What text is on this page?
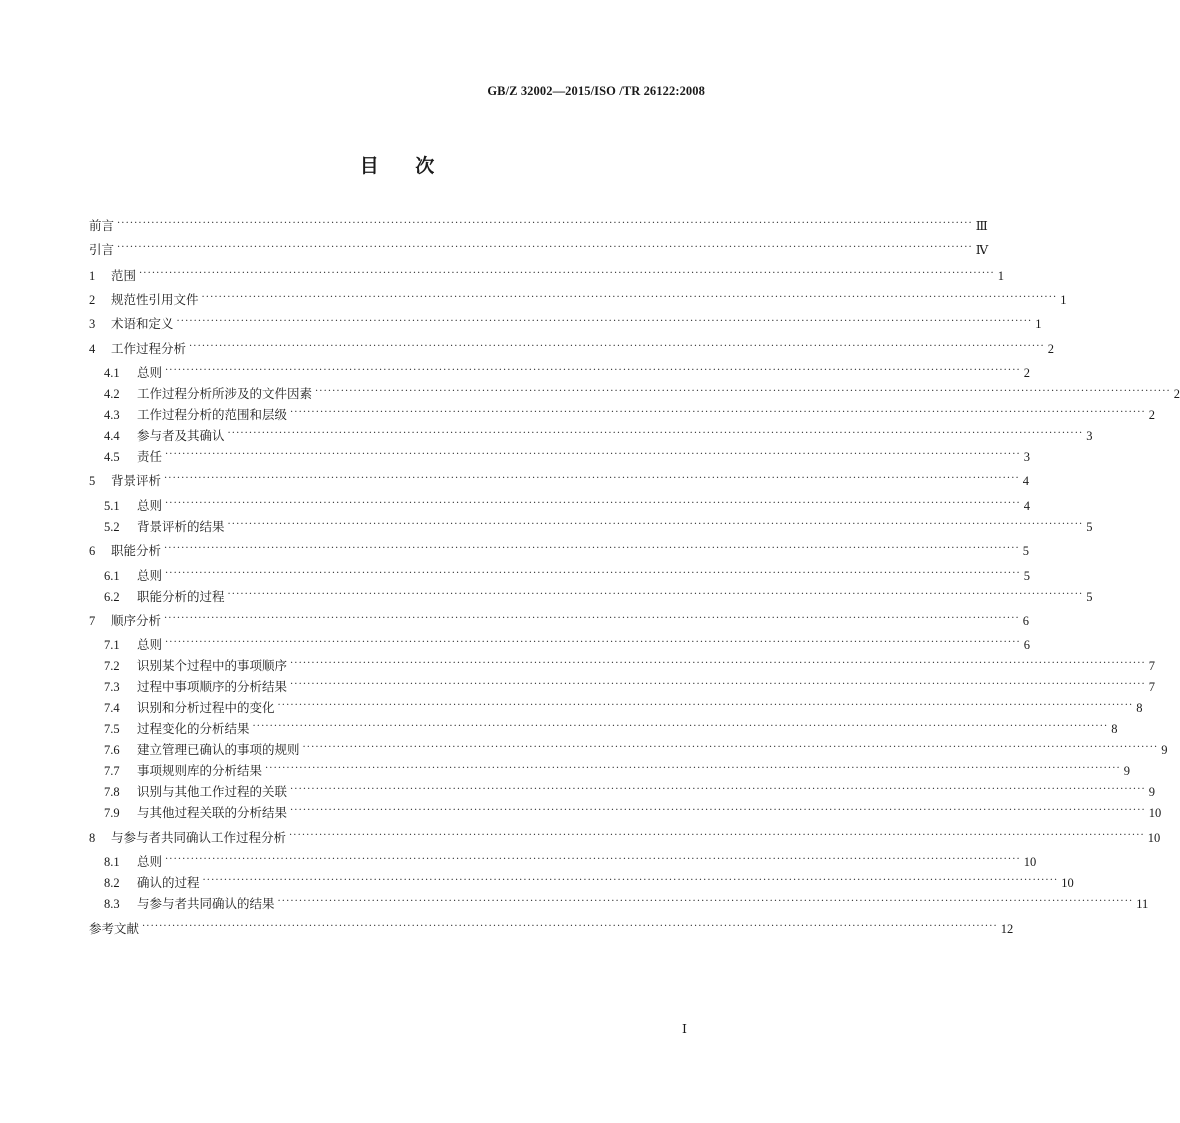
GB/Z 32002—2015/ISO /TR 26122:2008
目 次
前言 ········································································································································································································ Ⅲ
引言 ········································································································································································································ Ⅳ
1	范围 ········································································································································································································ 1
2	规范性引用文件 ········································································································································································································ 1
3	术语和定义 ········································································································································································································ 1
4	工作过程分析 ········································································································································································································ 2
4.1	总则 ········································································································································································································ 2
4.2	工作过程分析所涉及的文件因素 ········································································································································································································ 2
4.3	工作过程分析的范围和层级 ········································································································································································································ 2
4.4	参与者及其确认 ········································································································································································································ 3
4.5	责任 ········································································································································································································ 3
5	背景评析 ········································································································································································································ 4
5.1	总则 ········································································································································································································ 4
5.2	背景评析的结果 ········································································································································································································ 5
6	职能分析 ········································································································································································································ 5
6.1	总则 ········································································································································································································ 5
6.2	职能分析的过程 ········································································································································································································ 5
7	顺序分析 ········································································································································································································ 6
7.1	总则 ········································································································································································································ 6
7.2	识别某个过程中的事项顺序 ········································································································································································································ 7
7.3	过程中事项顺序的分析结果 ········································································································································································································ 7
7.4	识别和分析过程中的变化 ········································································································································································································ 8
7.5	过程变化的分析结果 ········································································································································································································ 8
7.6	建立管理已确认的事项的规则 ········································································································································································································ 9
7.7	事项规则库的分析结果 ········································································································································································································ 9
7.8	识别与其他工作过程的关联 ········································································································································································································ 9
7.9	与其他过程关联的分析结果 ········································································································································································································ 10
8	与参与者共同确认工作过程分析 ········································································································································································································ 10
8.1	总则 ········································································································································································································ 10
8.2	确认的过程 ········································································································································································································ 10
8.3	与参与者共同确认的结果 ········································································································································································································ 11
参考文献 ········································································································································································································ 12
Ⅰ
